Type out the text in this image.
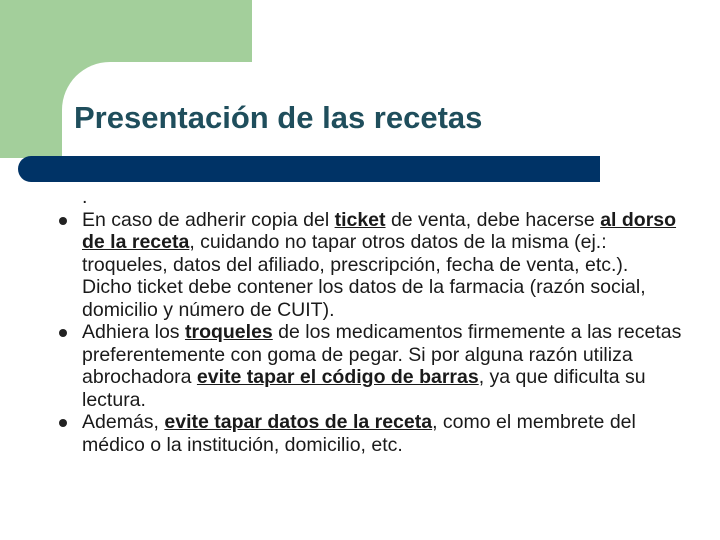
Presentación de las recetas

.

En caso de adherir copia del ticket de venta, debe hacerse al dorso de la receta, cuidando no tapar otros datos de la misma (ej.: troqueles, datos del afiliado, prescripción, fecha de venta, etc.). Dicho ticket debe contener los datos de la farmacia (razón social, domicilio y número de CUIT).

Adhiera los troqueles de los medicamentos firmemente a las recetas preferentemente con goma de pegar. Si por alguna razón utiliza abrochadora evite tapar el código de barras, ya que dificulta su lectura.

Además, evite tapar datos de la receta, como el membrete del médico o la institución, domicilio, etc.
